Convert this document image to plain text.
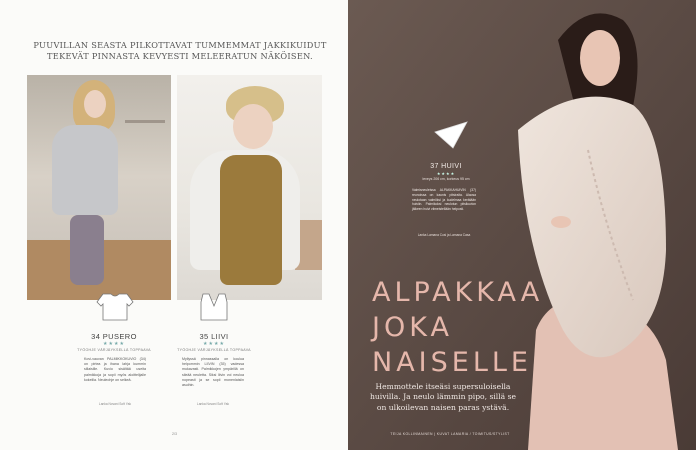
PUUVILLAN SEASTA PILKOTTAVAT TUMMEMMAT JAKKIKUIDUT TEKEVÄT PINNASTA KEVYESTI MELEERATUN NÄKÖISEN.
34 PUSERO
★★★★
TYÖOHJE VÄRJÄYKSELLÄ TOPPAAVA
Kovi-vauvan PALMIKKOKUVIO (34) on pirtea ja ihana lahja kummin sillaisille. Kuvio sisältää useita palmikkoja ja sopii myös aloittelijalle kokeilla. Neuleohje on selkeä.
Lanka Novani Soft Yak
35 LIIVI
★★★★
TYÖOHJE VÄRJÄYKSELLÄ TOPPAAVA
Myllyssä pinnassalla on koulua helpommin LIIVIN (35) vadessa mukavasti. Palmikkojen ympärillä on sileää neuletta. Siksi liivin voi neuloa nopeasti ja se sopii monenlaisiin asuihin.
Lanka Novani Soft Yak
2/3
37 HUIVI
★★★★
leveys 206 cm, korkeus 95 cm
Valmisneuleissa ALPAKKAHUIVIN (37) reunoissa on kaunis pitsiraita. Alaosa neulotaan valmiiksi ja kudelmaa kerätään huiviin. Palmikoksi neulotun pitsikuvion jälkeen huivi viimeistellään helposti.
Lanka Lamana Cusi ja Lamana Casa
ALPAKKAA
JOKA
NAISELLE
Hemmottele itseäsi supersuloisella huivilla. Ja neulo lämmin pipo, sillä se on ulkoilevan naisen paras ystävä.
TEIJA KOLLINMAINEN | KUVAT LAMARIA / TOIMITUS/STYLIST
